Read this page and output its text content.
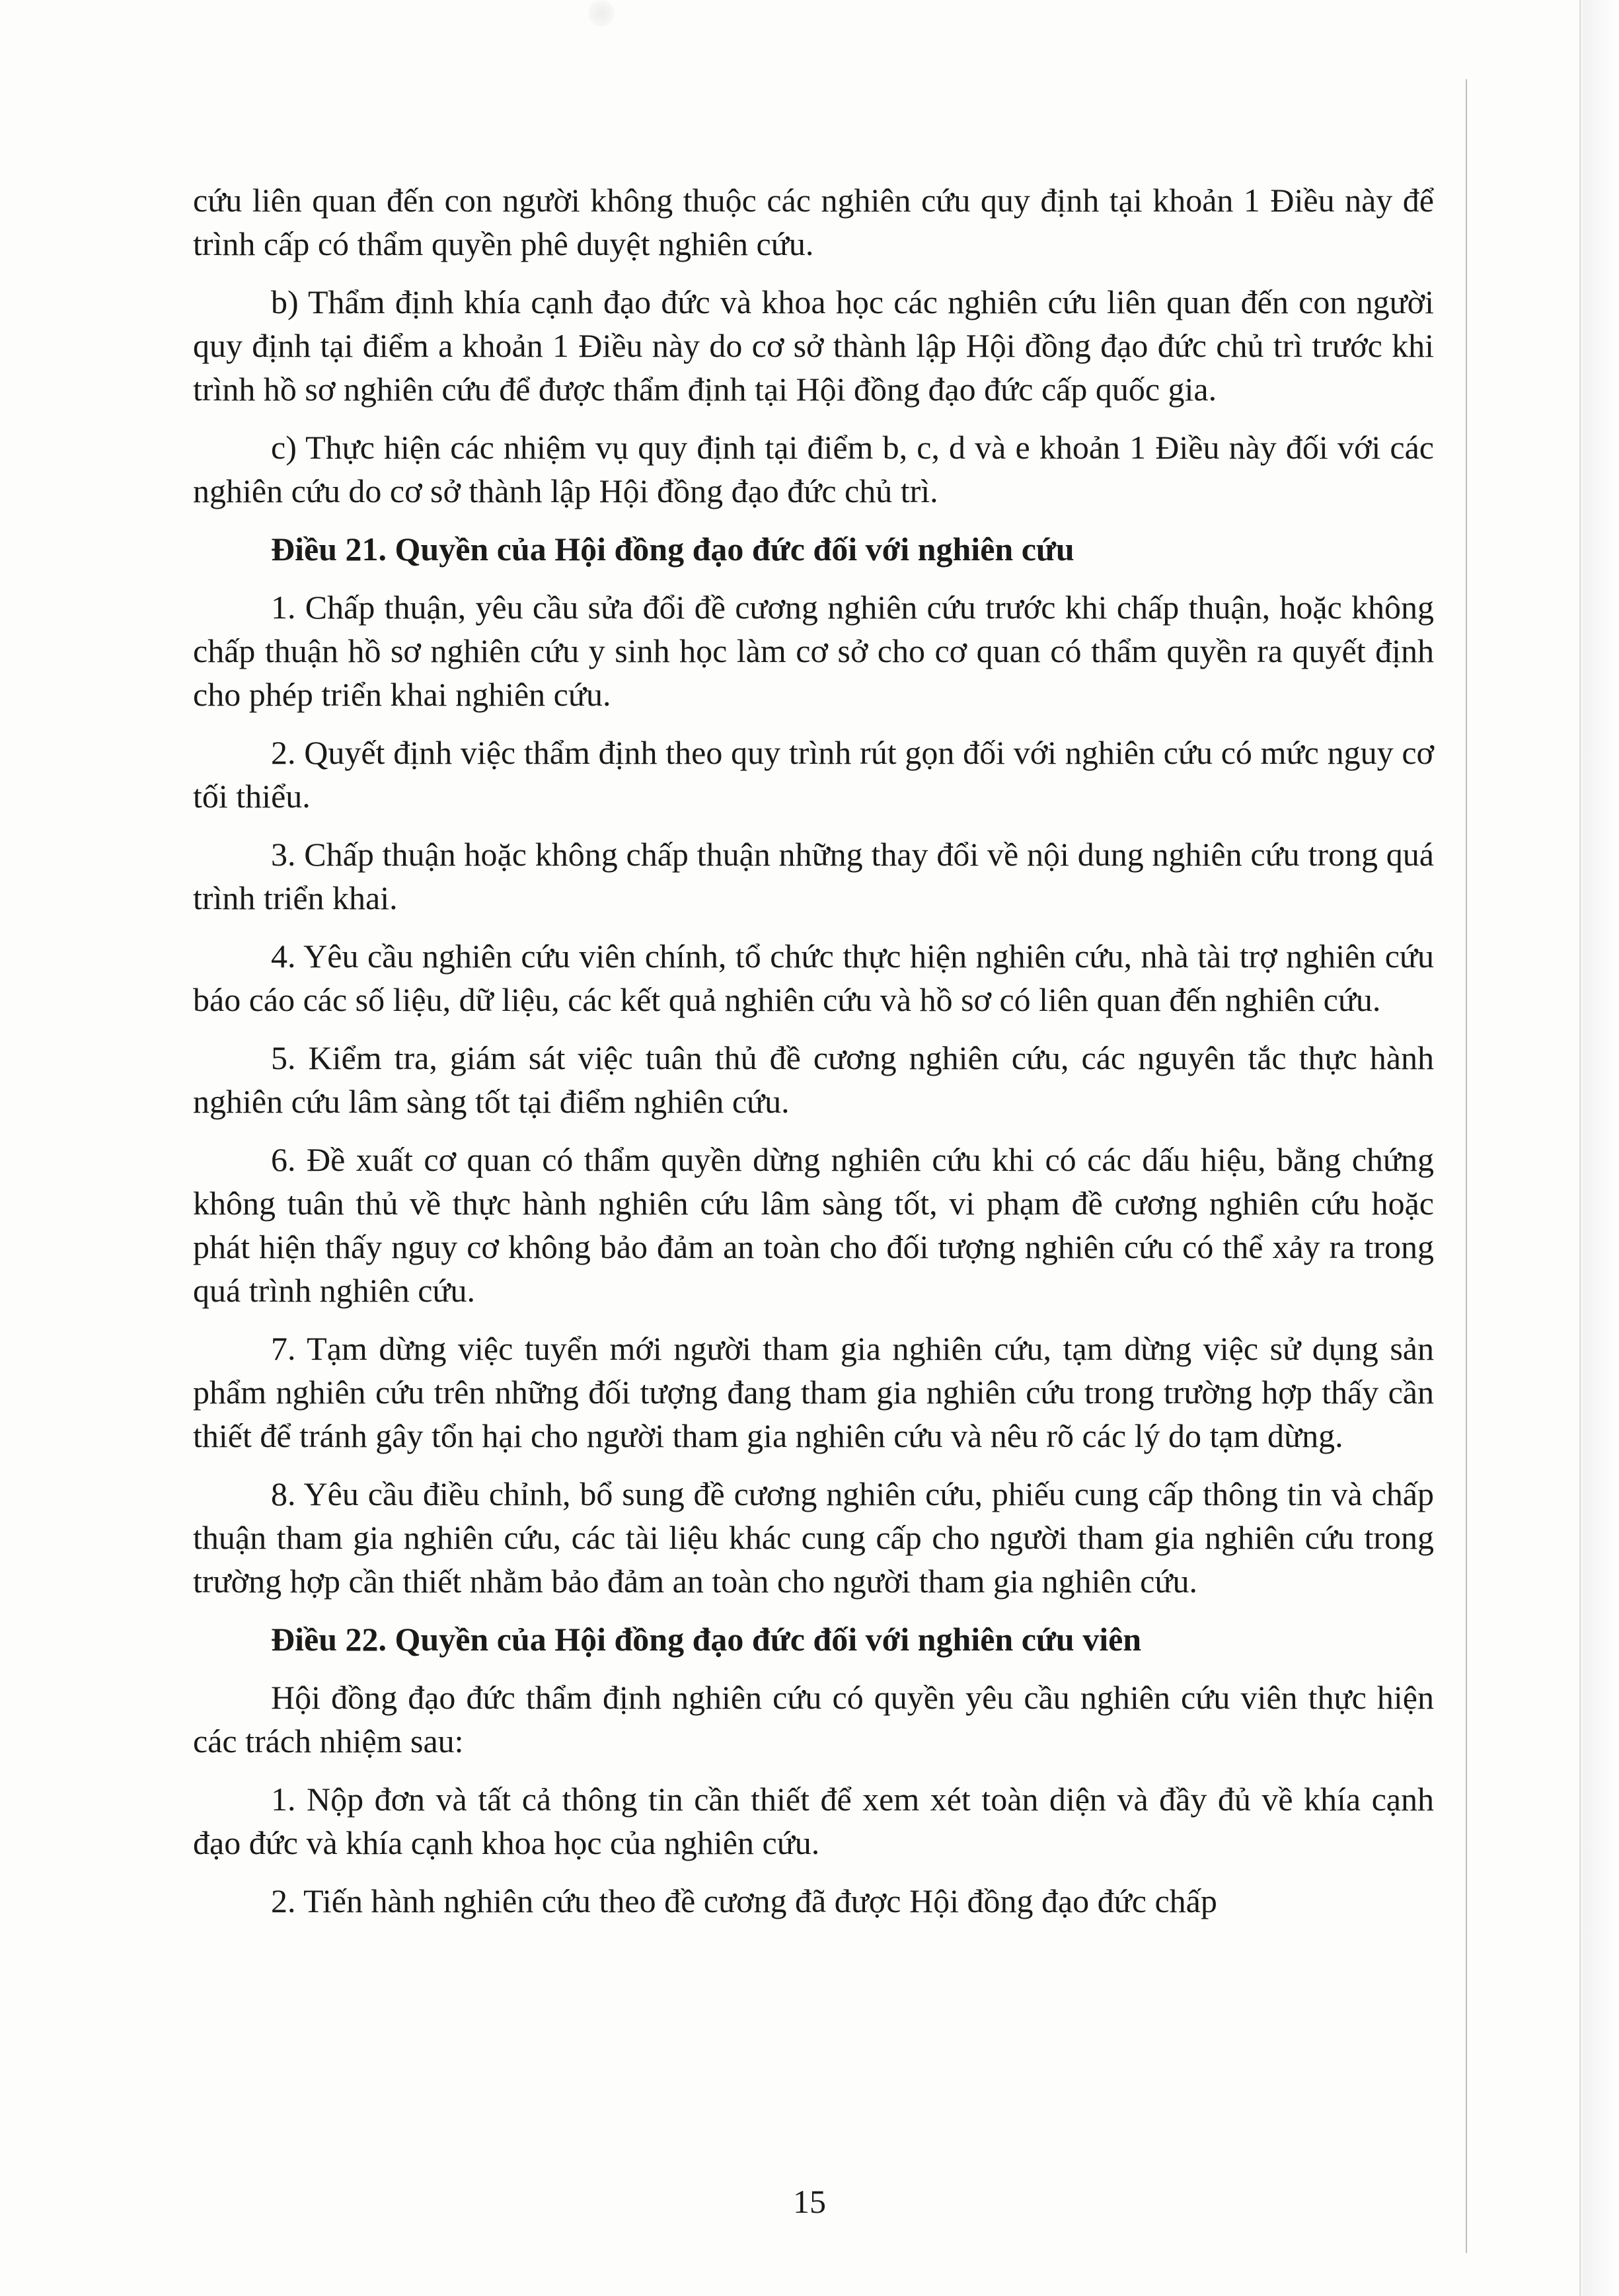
cứu liên quan đến con người không thuộc các nghiên cứu quy định tại khoản 1 Điều này để trình cấp có thẩm quyền phê duyệt nghiên cứu.

b) Thẩm định khía cạnh đạo đức và khoa học các nghiên cứu liên quan đến con người quy định tại điểm a khoản 1 Điều này do cơ sở thành lập Hội đồng đạo đức chủ trì trước khi trình hồ sơ nghiên cứu để được thẩm định tại Hội đồng đạo đức cấp quốc gia.

c) Thực hiện các nhiệm vụ quy định tại điểm b, c, d và e khoản 1 Điều này đối với các nghiên cứu do cơ sở thành lập Hội đồng đạo đức chủ trì.

Điều 21. Quyền của Hội đồng đạo đức đối với nghiên cứu

1. Chấp thuận, yêu cầu sửa đổi đề cương nghiên cứu trước khi chấp thuận, hoặc không chấp thuận hồ sơ nghiên cứu y sinh học làm cơ sở cho cơ quan có thẩm quyền ra quyết định cho phép triển khai nghiên cứu.

2. Quyết định việc thẩm định theo quy trình rút gọn đối với nghiên cứu có mức nguy cơ tối thiểu.

3. Chấp thuận hoặc không chấp thuận những thay đổi về nội dung nghiên cứu trong quá trình triển khai.

4. Yêu cầu nghiên cứu viên chính, tổ chức thực hiện nghiên cứu, nhà tài trợ nghiên cứu báo cáo các số liệu, dữ liệu, các kết quả nghiên cứu và hồ sơ có liên quan đến nghiên cứu.

5. Kiểm tra, giám sát việc tuân thủ đề cương nghiên cứu, các nguyên tắc thực hành nghiên cứu lâm sàng tốt tại điểm nghiên cứu.

6. Đề xuất cơ quan có thẩm quyền dừng nghiên cứu khi có các dấu hiệu, bằng chứng không tuân thủ về thực hành nghiên cứu lâm sàng tốt, vi phạm đề cương nghiên cứu hoặc phát hiện thấy nguy cơ không bảo đảm an toàn cho đối tượng nghiên cứu có thể xảy ra trong quá trình nghiên cứu.

7. Tạm dừng việc tuyển mới người tham gia nghiên cứu, tạm dừng việc sử dụng sản phẩm nghiên cứu trên những đối tượng đang tham gia nghiên cứu trong trường hợp thấy cần thiết để tránh gây tổn hại cho người tham gia nghiên cứu và nêu rõ các lý do tạm dừng.

8. Yêu cầu điều chỉnh, bổ sung đề cương nghiên cứu, phiếu cung cấp thông tin và chấp thuận tham gia nghiên cứu, các tài liệu khác cung cấp cho người tham gia nghiên cứu trong trường hợp cần thiết nhằm bảo đảm an toàn cho người tham gia nghiên cứu.

Điều 22. Quyền của Hội đồng đạo đức đối với nghiên cứu viên

Hội đồng đạo đức thẩm định nghiên cứu có quyền yêu cầu nghiên cứu viên thực hiện các trách nhiệm sau:

1. Nộp đơn và tất cả thông tin cần thiết để xem xét toàn diện và đầy đủ về khía cạnh đạo đức và khía cạnh khoa học của nghiên cứu.

2. Tiến hành nghiên cứu theo đề cương đã được Hội đồng đạo đức chấp

15
